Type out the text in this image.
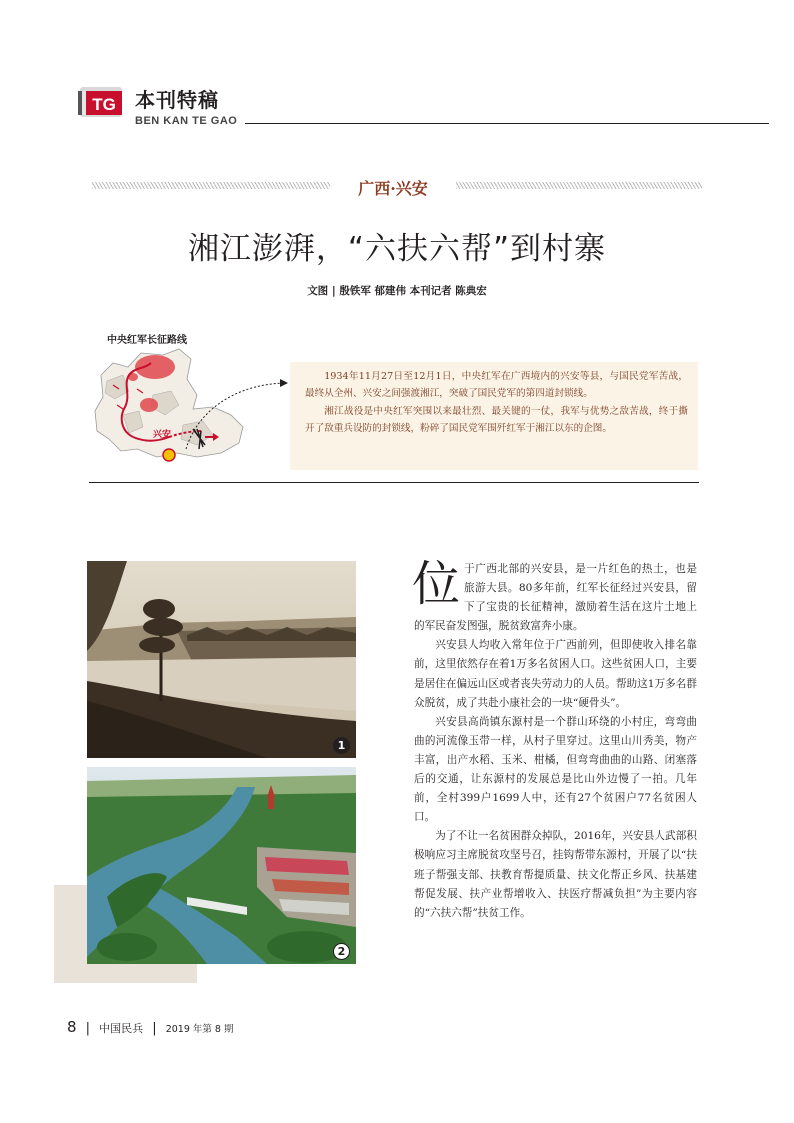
TG 本刊特稿
BEN KAN TE GAO
广西·兴安
湘江澎湃，“六扶六帮”到村寨
文图 | 殷铁军 郁建伟 本刊记者 陈典宏
中央红军长征路线
兴安

1934年11月27日至12月1日，中央红军在广西境内的兴安等县，与国民党军苦战，最终从全州、兴安之间强渡湘江，突破了国民党军的第四道封锁线。

湘江战役是中央红军突围以来最壮烈、最关键的一仗，我军与优势之敌苦战，终于撕开了敌重兵设防的封锁线，粉碎了国民党军围歼红军于湘江以东的企图。

1
2
位 于广西北部的兴安县，是一片红色的热土，也是旅游大县。80多年前，红军长征经过兴安县，留下了宝贵的长征精神，激励着生活在这片土地上的军民奋发图强，脱贫致富奔小康。

兴安县人均收入常年位于广西前列，但即使收入排名靠前，这里依然存在着1万多名贫困人口。这些贫困人口，主要是居住在偏远山区或者丧失劳动力的人员。帮助这1万多名群众脱贫，成了共赴小康社会的一块“硬骨头”。

兴安县高尚镇东源村是一个群山环绕的小村庄，弯弯曲曲的河流像玉带一样，从村子里穿过。这里山川秀美，物产丰富，出产水稻、玉米、柑橘，但弯弯曲曲的山路、闭塞落后的交通，让东源村的发展总是比山外边慢了一拍。几年前，全村399户1699人中，还有27个贫困户77名贫困人口。

为了不让一名贫困群众掉队，2016年，兴安县人武部积极响应习主席脱贫攻坚号召，挂钩帮带东源村，开展了以“扶班子帮强支部、扶教育帮提质量、扶文化帮正乡风、扶基建帮促发展、扶产业帮增收入、扶医疗帮减负担”为主要内容的“六扶六帮”扶贫工作。

8 | 中国民兵 | 2019 年第 8 期
